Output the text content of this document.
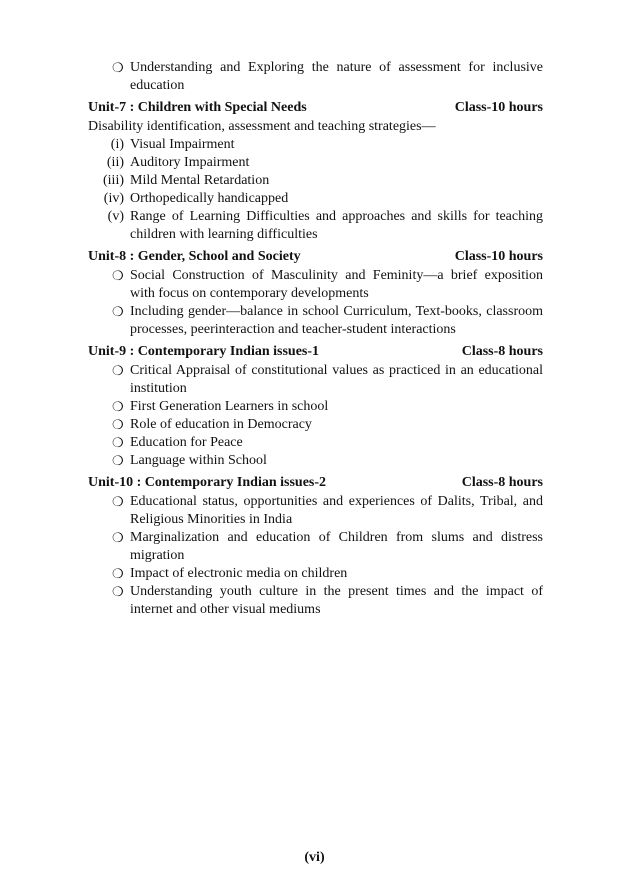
❍ Understanding and Exploring the nature of assessment for inclusive education
Unit-7 : Children with Special Needs	Class-10 hours
Disability identification, assessment and teaching strategies—
(i) Visual Impairment
(ii) Auditory Impairment
(iii) Mild Mental Retardation
(iv) Orthopedically handicapped
(v) Range of Learning Difficulties and approaches and skills for teaching children with learning difficulties
Unit-8 : Gender, School and Society	Class-10 hours
❍ Social Construction of Masculinity and Feminity—a brief exposition with focus on contemporary developments
❍ Including gender—balance in school Curriculum, Text-books, classroom processes, peerinteraction and teacher-student interactions
Unit-9 : Contemporary Indian issues-1	Class-8 hours
❍ Critical Appraisal of constitutional values as practiced in an educational institution
❍ First Generation Learners in school
❍ Role of education in Democracy
❍ Education for Peace
❍ Language within School
Unit-10 : Contemporary Indian issues-2	Class-8 hours
❍ Educational status, opportunities and experiences of Dalits, Tribal, and Religious Minorities in India
❍ Marginalization and education of Children from slums and distress migration
❍ Impact of electronic media on children
❍ Understanding youth culture in the present times and the impact of internet and other visual mediums
(vi)
